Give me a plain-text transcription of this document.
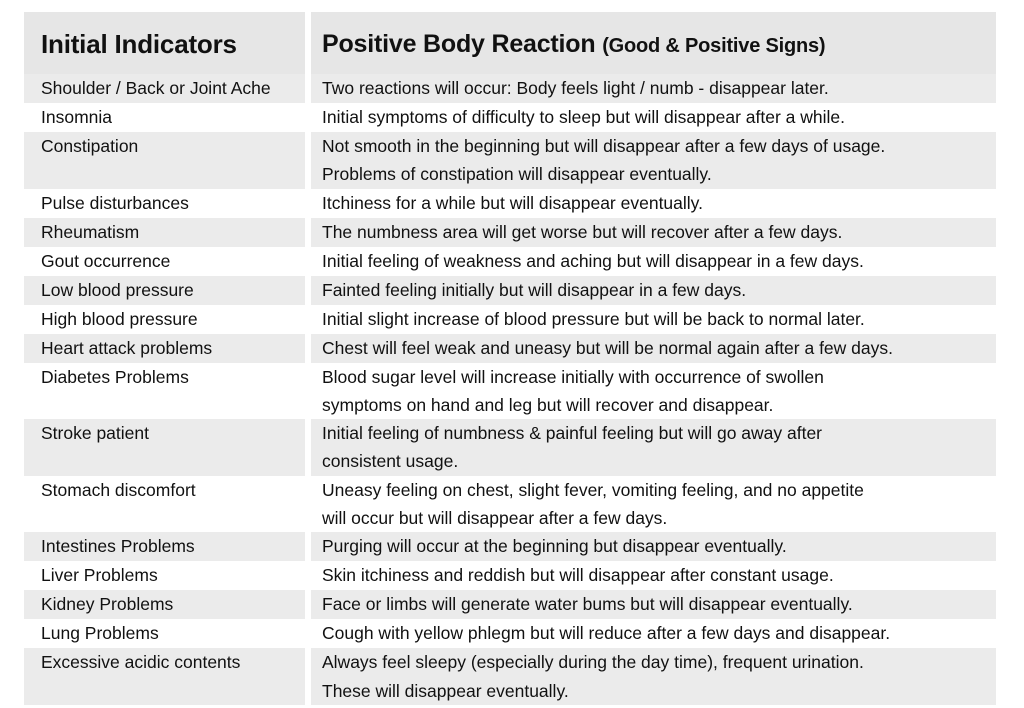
Initial Indicators	Positive Body Reaction (Good & Positive Signs)
Shoulder / Back or Joint Ache	Two reactions will occur: Body feels light / numb - disappear later.
Insomnia	Initial symptoms of difficulty to sleep but will disappear after a while.
Constipation	Not smooth in the beginning but will disappear after a few days of usage.
Problems of constipation will disappear eventually.
Pulse disturbances	Itchiness for a while but will disappear eventually.
Rheumatism	The numbness area will get worse but will recover after a few days.
Gout occurrence	Initial feeling of weakness and aching but will disappear in a few days.
Low blood pressure	Fainted feeling initially but will disappear in a few days.
High blood pressure	Initial slight increase of blood pressure but will be back to normal later.
Heart attack problems	Chest will feel weak and uneasy but will be normal again after a few days.
Diabetes Problems	Blood sugar level will increase initially with occurrence of swollen
symptoms on hand and leg but will recover and disappear.
Stroke patient	Initial feeling of numbness & painful feeling but will go away after
consistent usage.
Stomach discomfort	Uneasy feeling on chest, slight fever, vomiting feeling, and no appetite
will occur but will disappear after a few days.
Intestines Problems	Purging will occur at the beginning but disappear eventually.
Liver Problems	Skin itchiness and reddish but will disappear after constant usage.
Kidney Problems	Face or limbs will generate water bums but will disappear eventually.
Lung Problems	Cough with yellow phlegm but will reduce after a few days and disappear.
Excessive acidic contents	Always feel sleepy (especially during the day time), frequent urination.
These will disappear eventually.
